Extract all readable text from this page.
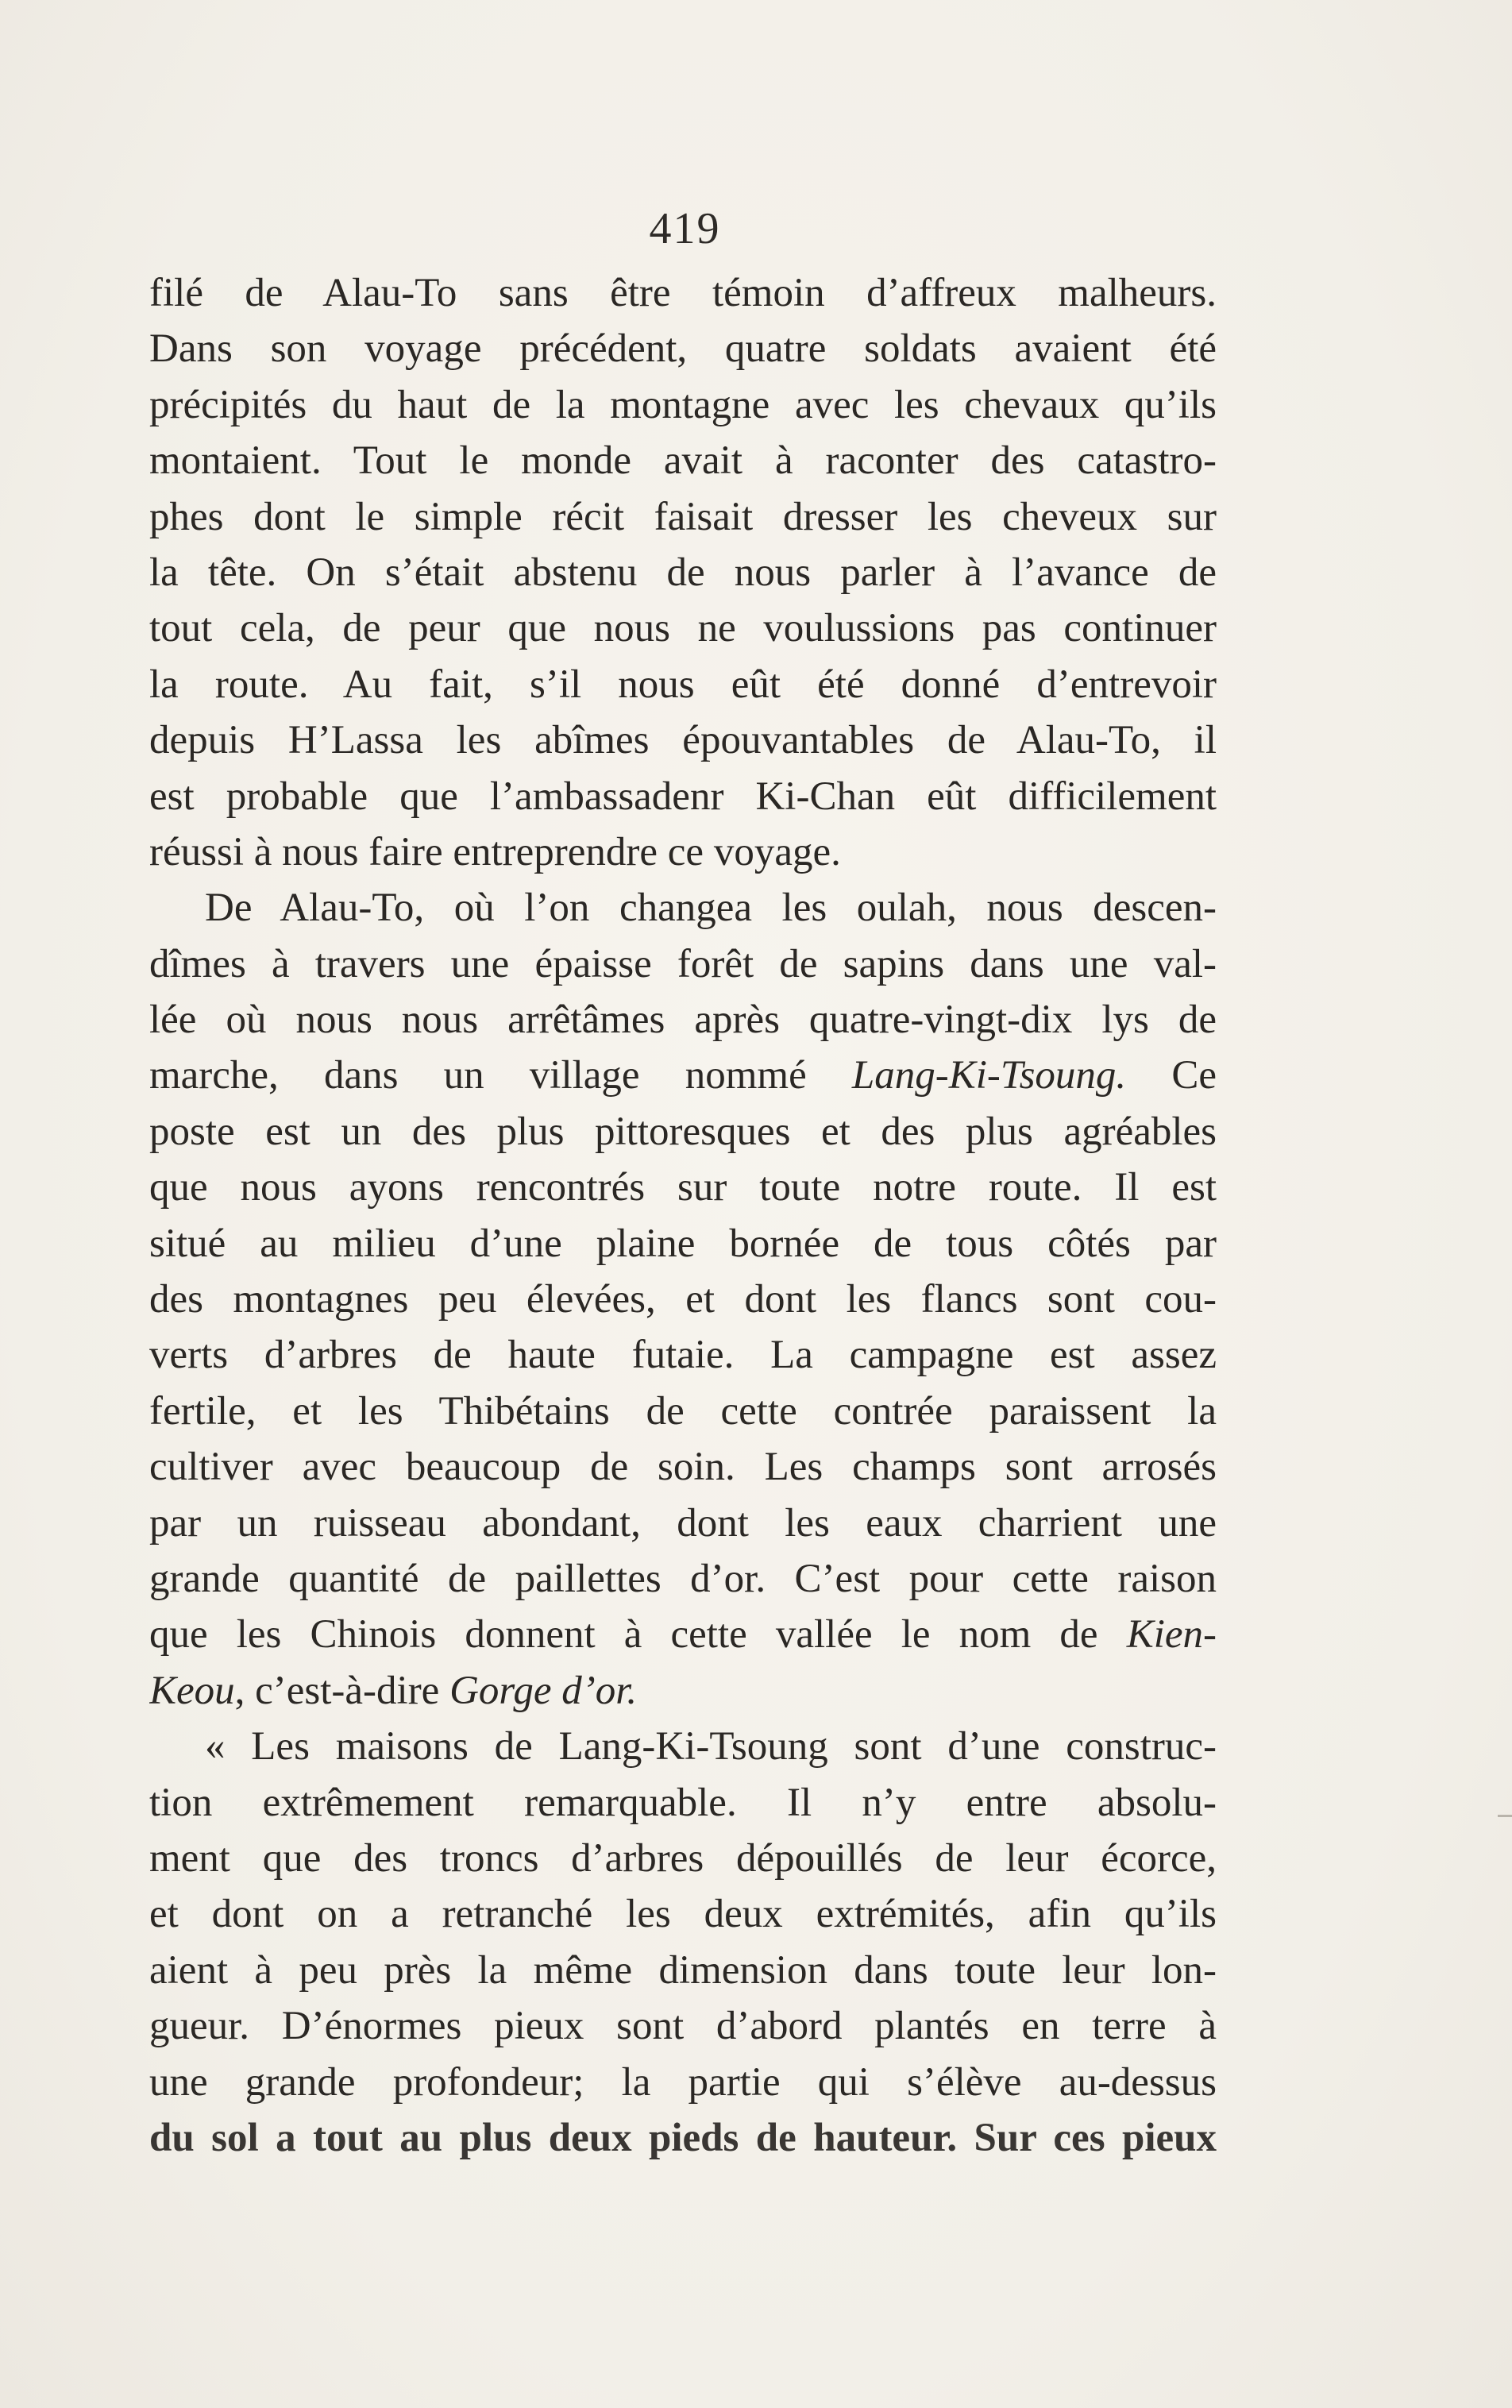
419
filé de Alau-To sans être témoin d’affreux malheurs.
Dans son voyage précédent, quatre soldats avaient été
précipités du haut de la montagne avec les chevaux qu’ils
montaient. Tout le monde avait à raconter des catastro-
phes dont le simple récit faisait dresser les cheveux sur
la tête. On s’était abstenu de nous parler à l’avance de
tout cela, de peur que nous ne voulussions pas continuer
la route. Au fait, s’il nous eût été donné d’entrevoir
depuis H’Lassa les abîmes épouvantables de Alau-To, il
est probable que l’ambassadenr Ki-Chan eût difficilement
réussi à nous faire entreprendre ce voyage.
De Alau-To, où l’on changea les oulah, nous descen-
dîmes à travers une épaisse forêt de sapins dans une val-
lée où nous nous arrêtâmes après quatre-vingt-dix lys de
marche, dans un village nommé Lang-Ki-Tsoung. Ce
poste est un des plus pittoresques et des plus agréables
que nous ayons rencontrés sur toute notre route. Il est
situé au milieu d’une plaine bornée de tous côtés par
des montagnes peu élevées, et dont les flancs sont cou-
verts d’arbres de haute futaie. La campagne est assez
fertile, et les Thibétains de cette contrée paraissent la
cultiver avec beaucoup de soin. Les champs sont arrosés
par un ruisseau abondant, dont les eaux charrient une
grande quantité de paillettes d’or. C’est pour cette raison
que les Chinois donnent à cette vallée le nom de Kien-
Keou, c’est-à-dire Gorge d’or.
« Les maisons de Lang-Ki-Tsoung sont d’une construc-
tion extrêmement remarquable. Il n’y entre absolu-
ment que des troncs d’arbres dépouillés de leur écorce,
et dont on a retranché les deux extrémités, afin qu’ils
aient à peu près la même dimension dans toute leur lon-
gueur. D’énormes pieux sont d’abord plantés en terre à
une grande profondeur; la partie qui s’élève au-dessus
du sol a tout au plus deux pieds de hauteur. Sur ces pieux
